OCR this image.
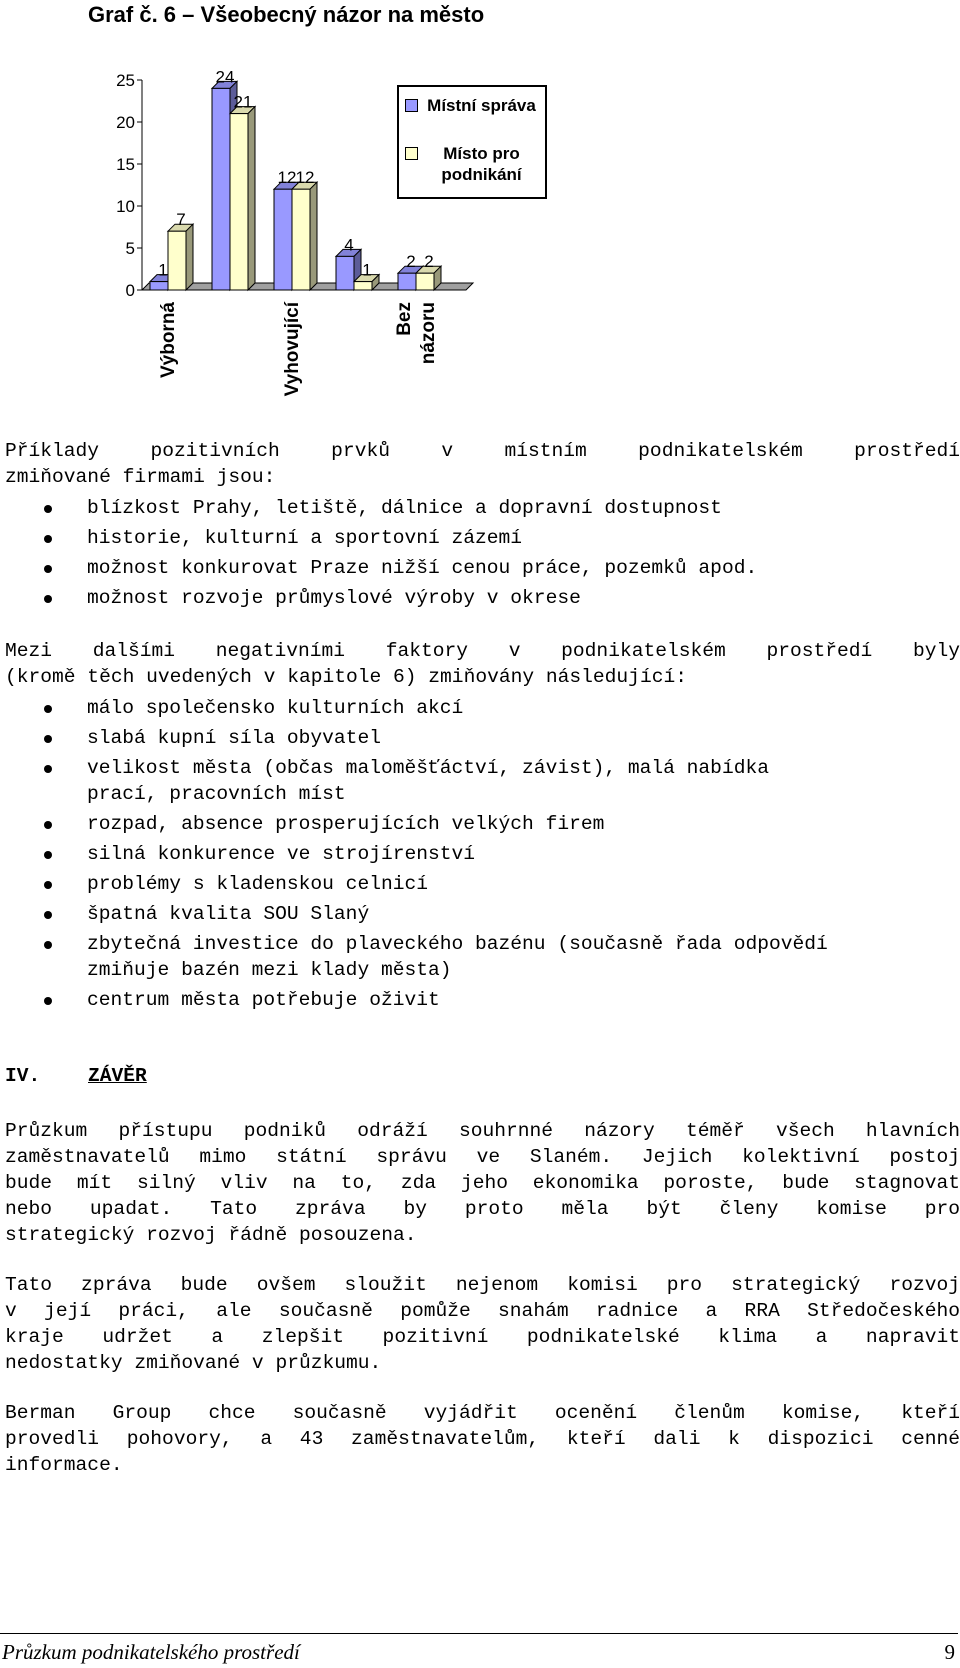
Graf č. 6 – Všeobecný názor na město
0
5
10
15
20
25
1
24
12
4
2
7
21
12
1	2
Výborná	Vyhovující	Bez názoru
Místní správa
Místo pro podnikání
Příklady pozitivních prvků v místním podnikatelském prostředí
zmiňované firmami jsou:
blízkost Prahy, letiště, dálnice a dopravní dostupnost
historie, kulturní a sportovní zázemí
možnost konkurovat Praze nižší cenou práce, pozemků apod.
možnost rozvoje průmyslové výroby v okrese
Mezi dalšími negativními faktory v podnikatelském prostředí byly
(kromě těch uvedených v kapitole 6) zmiňovány následující:
málo společensko kulturních akcí
slabá kupní síla obyvatel
velikost města (občas maloměšťáctví, závist), malá nabídka
prací, pracovních míst
rozpad, absence prosperujících velkých firem
silná konkurence ve strojírenství
problémy s kladenskou celnicí
špatná kvalita SOU Slaný
zbytečná investice do plaveckého bazénu (současně řada odpovědí
zmiňuje bazén mezi klady města)
centrum města potřebuje oživit
IV. ZÁVĚR
Průzkum přístupu podniků odráží souhrnné názory téměř všech hlavních
zaměstnavatelů mimo státní správu ve Slaném. Jejich kolektivní postoj
bude mít silný vliv na to, zda jeho ekonomika poroste, bude stagnovat
nebo upadat. Tato zpráva by proto měla být členy komise pro
strategický rozvoj řádně posouzena.
Tato zpráva bude ovšem sloužit nejenom komisi pro strategický rozvoj
v její práci, ale současně pomůže snahám radnice a RRA Středočeského
kraje udržet a zlepšit pozitivní podnikatelské klima a napravit
nedostatky zmiňované v průzkumu.
Berman Group chce současně vyjádřit ocenění členům komise, kteří
provedli pohovory, a 43 zaměstnavatelům, kteří dali k dispozici cenné
informace.
Průzkum podnikatelského prostředí	9
